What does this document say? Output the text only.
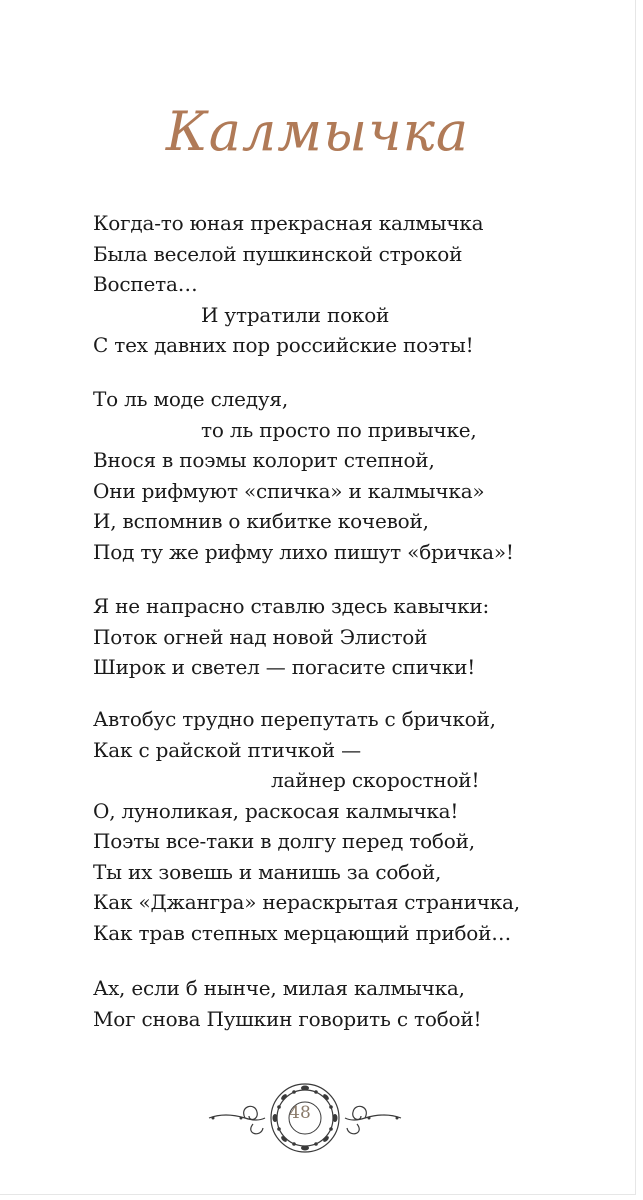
Калмычка
Когда-то юная прекрасная калмычка
Была веселой пушкинской строкой
Воспета…
И утратили покой
С тех давних пор российские поэты!
То ль моде следуя,
то ль просто по привычке,
Внося в поэмы колорит степной,
Они рифмуют «спичка» и калмычка»
И, вспомнив о кибитке кочевой,
Под ту же рифму лихо пишут «бричка»!
Я не напрасно ставлю здесь кавычки:
Поток огней над новой Элистой
Широк и светел — погасите спички!
Автобус трудно перепутать с бричкой,
Как с райской птичкой —
лайнер скоростной!
О, луноликая, раскосая калмычка!
Поэты все-таки в долгу перед тобой,
Ты их зовешь и манишь за собой,
Как «Джангра» нераскрытая страничка,
Как трав степных мерцающий прибой…
Ах, если б нынче, милая калмычка,
Мог снова Пушкин говорить с тобой!
48
